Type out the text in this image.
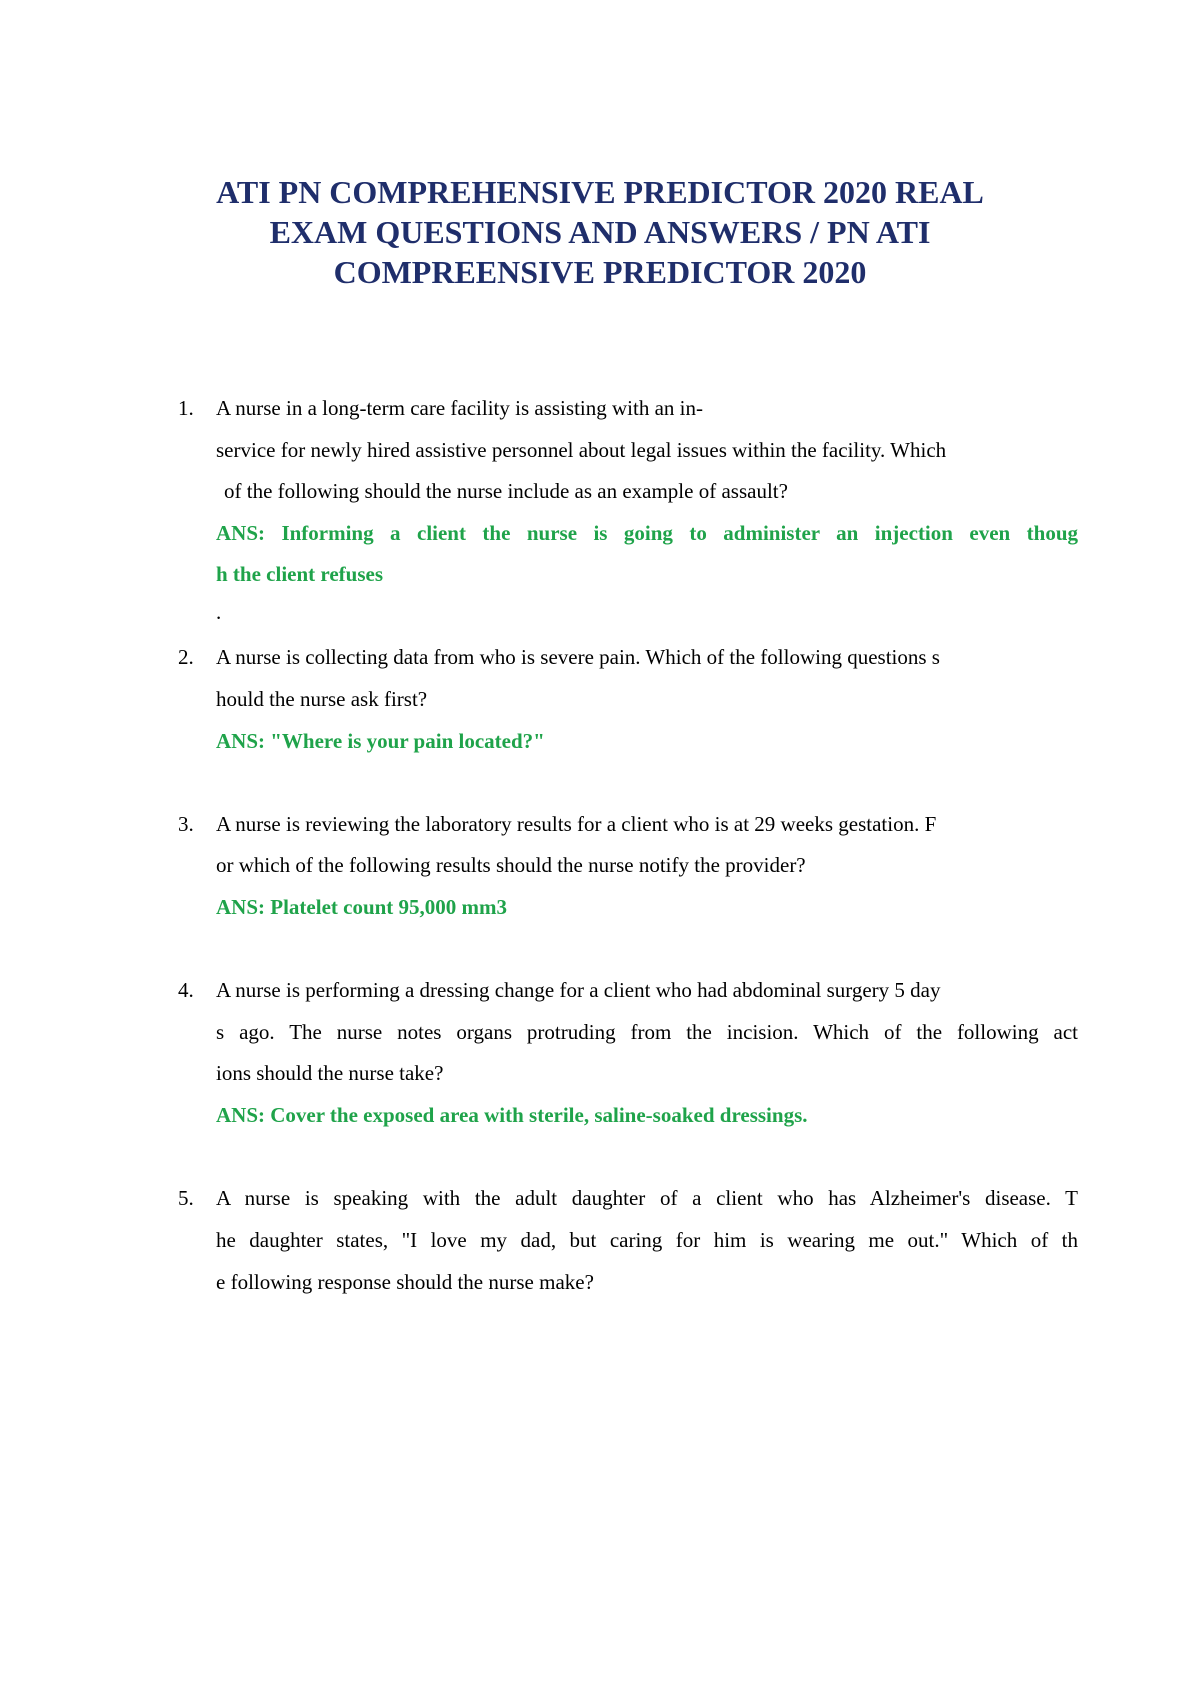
ATI PN COMPREHENSIVE PREDICTOR 2020 REAL
EXAM QUESTIONS AND ANSWERS / PN ATI
COMPREENSIVE PREDICTOR 2020
1. A nurse in a long-term care facility is assisting with an in-
service for newly hired assistive personnel about legal issues within the facility. Which
of the following should the nurse include as an example of assault?
ANS: Informing a client the nurse is going to administer an injection even thoug
h the client refuses
.
2. A nurse is collecting data from who is severe pain. Which of the following questions s
hould the nurse ask first?
ANS: "Where is your pain located?"
3. A nurse is reviewing the laboratory results for a client who is at 29 weeks gestation. F
or which of the following results should the nurse notify the provider?
ANS: Platelet count 95,000 mm3
4. A nurse is performing a dressing change for a client who had abdominal surgery 5 day
s ago. The nurse notes organs protruding from the incision. Which of the following act
ions should the nurse take?
ANS: Cover the exposed area with sterile, saline-soaked dressings.
5. A nurse is speaking with the adult daughter of a client who has Alzheimer's disease. T
he daughter states, "I love my dad, but caring for him is wearing me out." Which of th
e following response should the nurse make?
